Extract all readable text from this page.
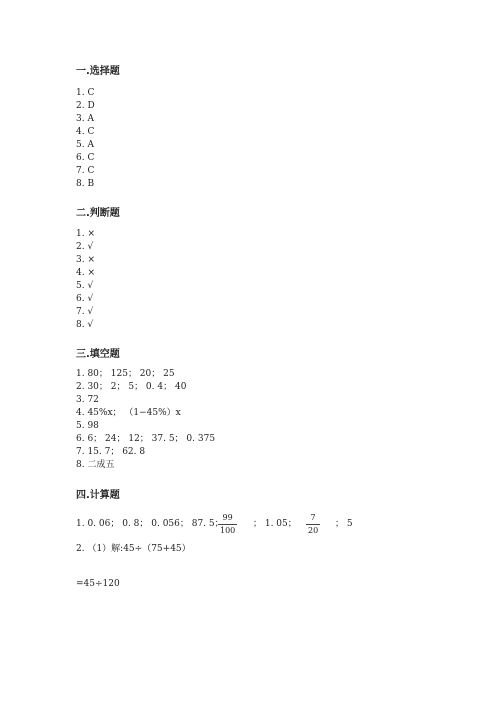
一.选择题
1. C
2. D
3. A
4. C
5. A
6. C
7. C
8. B
二.判断题
1. ×
2. √
3. ×
4. ×
5. √
6. √
7. √
8. √
三.填空题
1. 80； 125； 20； 25
2. 30； 2； 5； 0. 4； 40
3. 72
4. 45%x； （1−45%）x
5. 98
6. 6； 24； 12； 37. 5； 0. 375
7. 15. 7； 62. 8
8. 二成五
四.计算题
1. 0. 06； 0. 8； 0. 056； 87. 5；
99
100
； 1. 05；
7
20
； 5
2. （1）解:45÷（75+45）
=45÷120
